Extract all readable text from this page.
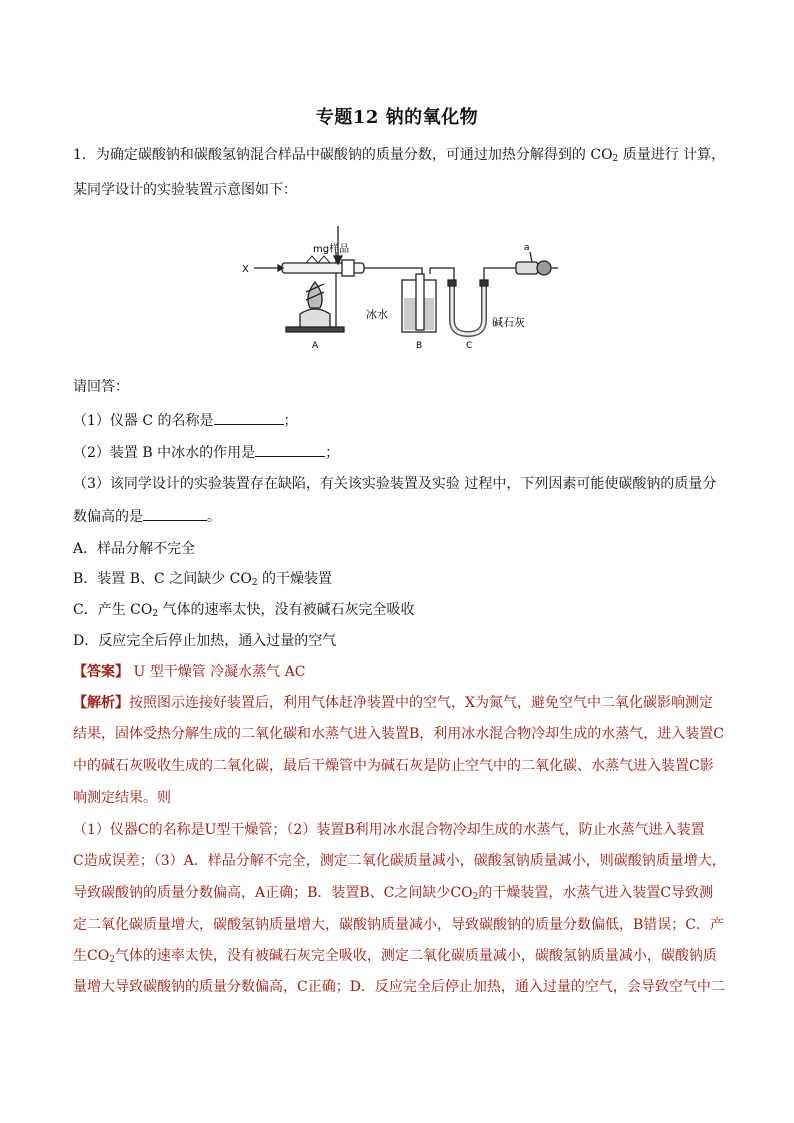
专题12 钠的氧化物
1．为确定碳酸钠和碳酸氢钠混合样品中碳酸钠的质量分数，可通过加热分解得到的 $CO_2$ 质量进行 计算，
某同学设计的实验装置示意图如下：
mg样品
X
a
冰水
碱石灰
A	B	C
请回答：
（1）仪器 C 的名称是	；
（2）装置 B 中冰水的作用是	；
（3）该同学设计的实验装置存在缺陷，有关该实验装置及实验 过程中，下列因素可能使碳酸钠的质量分
数偏高的是	。
A．样品分解不完全
B．装置 B、C 之间缺少 $CO_2$ 的干燥装置
C．产生 $CO_2$ 气体的速率太快，没有被碱石灰完全吸收
D．反应完全后停止加热，通入过量的空气
【答案】 U 型干燥管 冷凝水蒸气 AC
【解析】按照图示连接好装置后，利用气体赶净装置中的空气，X为氮气，避免空气中二氧化碳影响测定
结果，固体受热分解生成的二氧化碳和水蒸气进入装置B，利用冰水混合物冷却生成的水蒸气，进入装置C
中的碱石灰吸收生成的二氧化碳，最后干燥管中为碱石灰是防止空气中的二氧化碳、水蒸气进入装置C影
响测定结果。则
（1）仪器C的名称是U型干燥管；（2）装置B利用冰水混合物冷却生成的水蒸气，防止水蒸气进入装置
C造成误差；（3）A．样品分解不完全，测定二氧化碳质量减小，碳酸氢钠质量减小，则碳酸钠质量增大，
导致碳酸钠的质量分数偏高，A正确；B．装置B、C之间缺少$CO_2$的干燥装置，水蒸气进入装置C导致测
定二氧化碳质量增大，碳酸氢钠质量增大，碳酸钠质量减小，导致碳酸钠的质量分数偏低，B错误；C．产
生$CO_2$气体的速率太快，没有被碱石灰完全吸收，测定二氧化碳质量减小，碳酸氢钠质量减小，碳酸钠质
量增大导致碳酸钠的质量分数偏高，C正确；D．反应完全后停止加热，通入过量的空气，会导致空气中二
